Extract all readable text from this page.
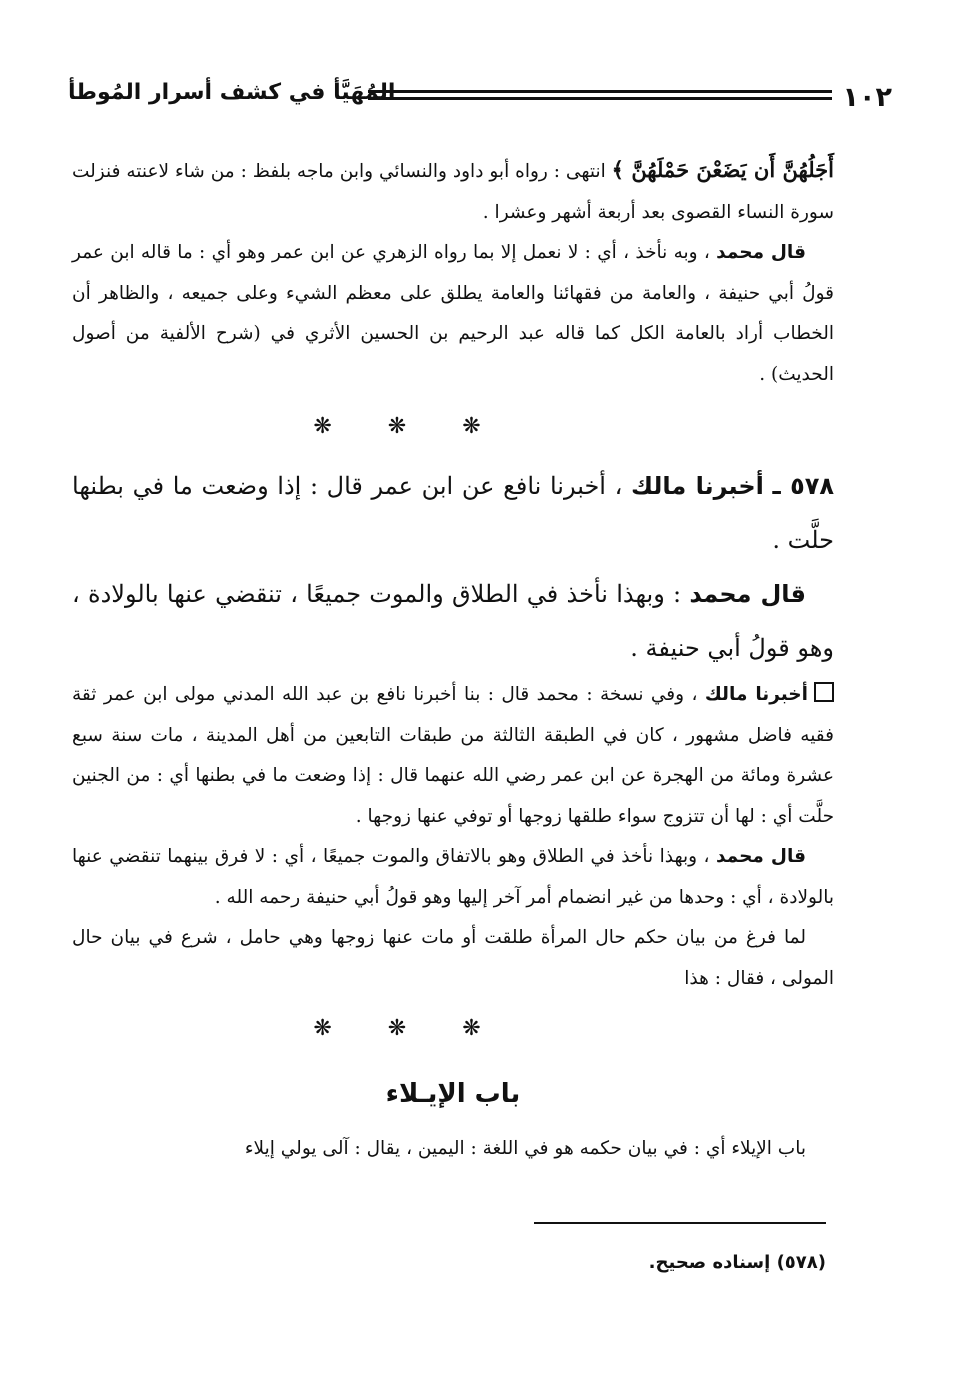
١٠٢
المُهَيَّأ في كشف أسرار المُوطأ

أَجَلُهُنَّ أَن يَضَعْنَ حَمْلَهُنَّ ﴾ انتهى : رواه أبو داود والنسائي وابن ماجه بلفظ : من شاء لاعنته فنزلت سورة النساء القصوى بعد أربعة أشهر وعشرا .

قال محمد ، وبه نأخذ ، أي : لا نعمل إلا بما رواه الزهري عن ابن عمر وهو أي : ما قاله ابن عمر قولُ أبي حنيفة ، والعامة من فقهائنا والعامة يطلق على معظم الشيء وعلى جميعه ، والظاهر أن الخطاب أراد بالعامة الكل كما قاله عبد الرحيم بن الحسين الأثري في (شرح الألفية من أصول الحديث) .

❋❋❋

٥٧٨ ـ أخبرنا مالك ، أخبرنا نافع عن ابن عمر قال : إذا وضعت ما في بطنها حلَّت .

قال محمد : وبهذا نأخذ في الطلاق والموت جميعًا ، تنقضي عنها بالولادة ، وهو قولُ أبي حنيفة .

أخبرنا مالك ، وفي نسخة : محمد قال : بنا أخبرنا نافع بن عبد الله المدني مولى ابن عمر ثقة فقيه فاضل مشهور ، كان في الطبقة الثالثة من طبقات التابعين من أهل المدينة ، مات سنة سبع عشرة ومائة من الهجرة عن ابن عمر رضي الله عنهما قال : إذا وضعت ما في بطنها أي : من الجنين حلَّت أي : لها أن تتزوج سواء طلقها زوجها أو توفي عنها زوجها .

قال محمد ، وبهذا نأخذ في الطلاق وهو بالاتفاق والموت جميعًا ، أي : لا فرق بينهما تنقضي عنها بالولادة ، أي : وحدها من غير انضمام أمر آخر إليها وهو قولُ أبي حنيفة رحمه الله .

لما فرغ من بيان حكم حال المرأة طلقت أو مات عنها زوجها وهي حامل ، شرع في بيان حال المولى ، فقال : هذا

❋❋❋
باب الإيـلاء

باب الإيلاء أي : في بيان حكمه هو في اللغة : اليمين ، يقال : آلى يولي إيلاء

(٥٧٨) إسناده صحيح.
